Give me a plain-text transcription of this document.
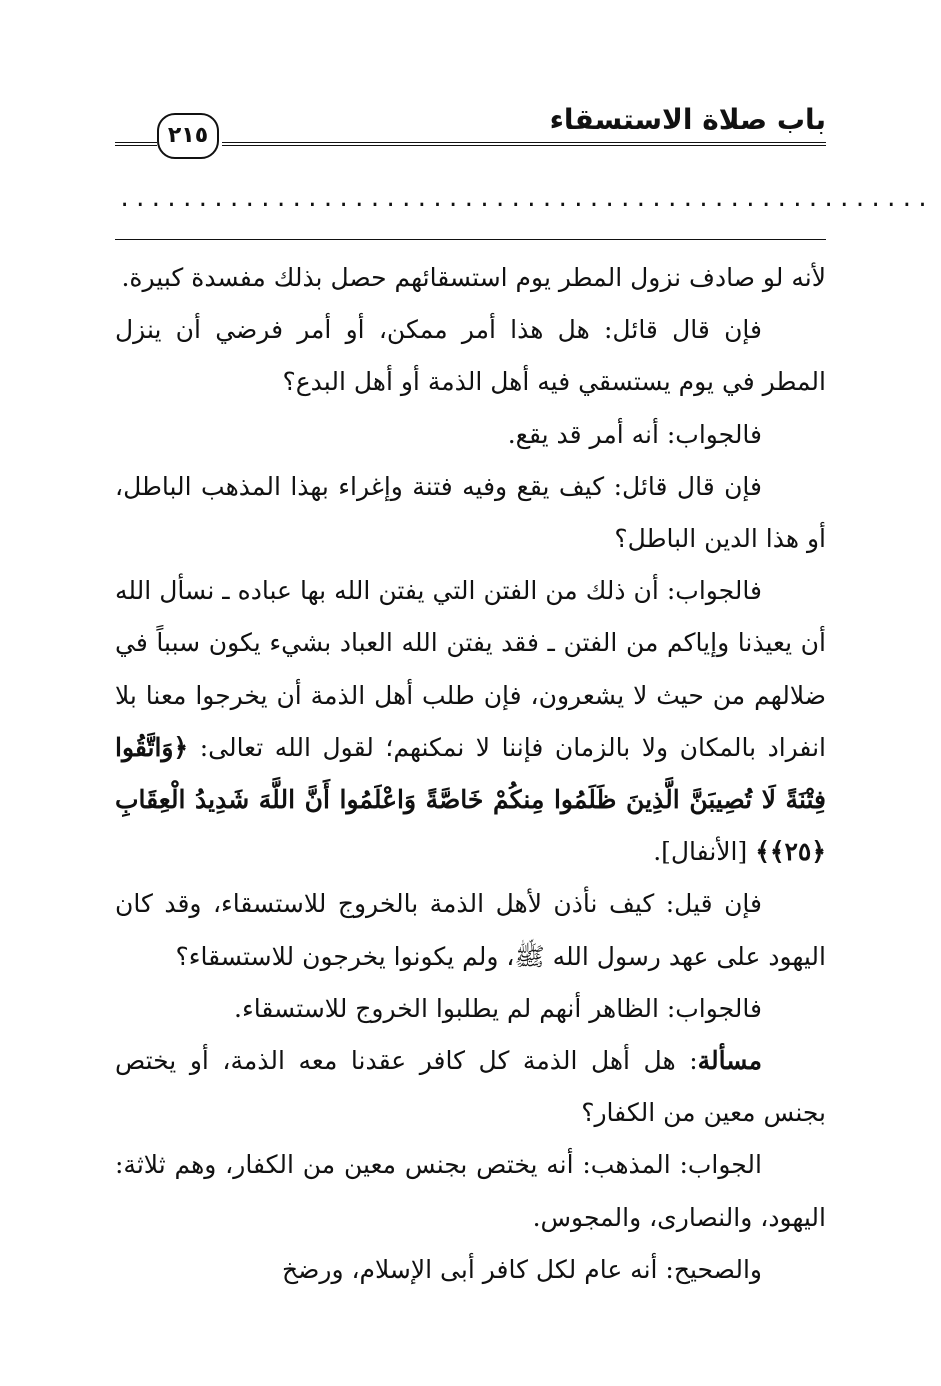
باب صلاة الاستسقاء
٢١٥
....................................................

لأنه لو صادف نزول المطر يوم استسقائهم حصل بذلك مفسدة كبيرة.

فإن قال قائل: هل هذا أمر ممكن، أو أمر فرضي أن ينزل المطر في يوم يستسقي فيه أهل الذمة أو أهل البدع؟

فالجواب: أنه أمر قد يقع.

فإن قال قائل: كيف يقع وفيه فتنة وإغراء بهذا المذهب الباطل، أو هذا الدين الباطل؟

فالجواب: أن ذلك من الفتن التي يفتن الله بها عباده ـ نسأل الله أن يعيذنا وإياكم من الفتن ـ فقد يفتن الله العباد بشيء يكون سبباً في ضلالهم من حيث لا يشعرون، فإن طلب أهل الذمة أن يخرجوا معنا بلا انفراد بالمكان ولا بالزمان فإننا لا نمكنهم؛ لقول الله تعالى: ﴿وَاتَّقُوا فِتْنَةً لَا تُصِيبَنَّ الَّذِينَ ظَلَمُوا مِنكُمْ خَاصَّةً وَاعْلَمُوا أَنَّ اللَّهَ شَدِيدُ الْعِقَابِ ﴿٢٥﴾﴾ [الأنفال].

فإن قيل: كيف نأذن لأهل الذمة بالخروج للاستسقاء، وقد كان اليهود على عهد رسول الله ﷺ، ولم يكونوا يخرجون للاستسقاء؟

فالجواب: الظاهر أنهم لم يطلبوا الخروج للاستسقاء.

مسألة: هل أهل الذمة كل كافر عقدنا معه الذمة، أو يختص بجنس معين من الكفار؟

الجواب: المذهب: أنه يختص بجنس معين من الكفار، وهم ثلاثة: اليهود، والنصارى، والمجوس.

والصحيح: أنه عام لكل كافر أبى الإسلام، ورضخ
